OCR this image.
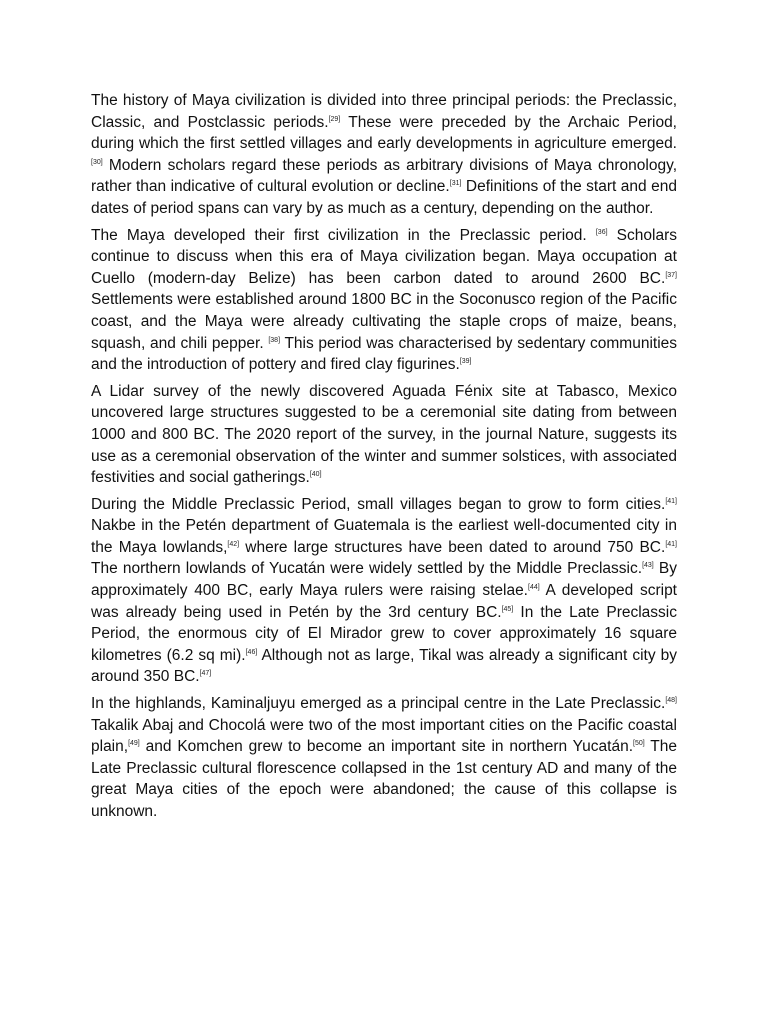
The history of Maya civilization is divided into three principal periods: the Preclassic, Classic, and Postclassic periods.[29] These were preceded by the Archaic Period, during which the first settled villages and early developments in agriculture emerged.[30] Modern scholars regard these periods as arbitrary divisions of Maya chronology, rather than indicative of cultural evolution or decline.[31] Definitions of the start and end dates of period spans can vary by as much as a century, depending on the author.

The Maya developed their first civilization in the Preclassic period. [36] Scholars continue to discuss when this era of Maya civilization began. Maya occupation at Cuello (modern-day Belize) has been carbon dated to around 2600 BC.[37] Settlements were established around 1800 BC in the Soconusco region of the Pacific coast, and the Maya were already cultivating the staple crops of maize, beans, squash, and chili pepper. [38] This period was characterised by sedentary communities and the introduction of pottery and fired clay figurines.[39]

A Lidar survey of the newly discovered Aguada Fénix site at Tabasco, Mexico uncovered large structures suggested to be a ceremonial site dating from between 1000 and 800 BC. The 2020 report of the survey, in the journal Nature, suggests its use as a ceremonial observation of the winter and summer solstices, with associated festivities and social gatherings.[40]

During the Middle Preclassic Period, small villages began to grow to form cities.[41] Nakbe in the Petén department of Guatemala is the earliest well-documented city in the Maya lowlands,[42] where large structures have been dated to around 750 BC.[41] The northern lowlands of Yucatán were widely settled by the Middle Preclassic.[43] By approximately 400 BC, early Maya rulers were raising stelae.[44] A developed script was already being used in Petén by the 3rd century BC.[45] In the Late Preclassic Period, the enormous city of El Mirador grew to cover approximately 16 square kilometres (6.2 sq mi).[46] Although not as large, Tikal was already a significant city by around 350 BC.[47]

In the highlands, Kaminaljuyu emerged as a principal centre in the Late Preclassic.[48] Takalik Abaj and Chocolá were two of the most important cities on the Pacific coastal plain,[49] and Komchen grew to become an important site in northern Yucatán.[50] The Late Preclassic cultural florescence collapsed in the 1st century AD and many of the great Maya cities of the epoch were abandoned; the cause of this collapse is unknown.
